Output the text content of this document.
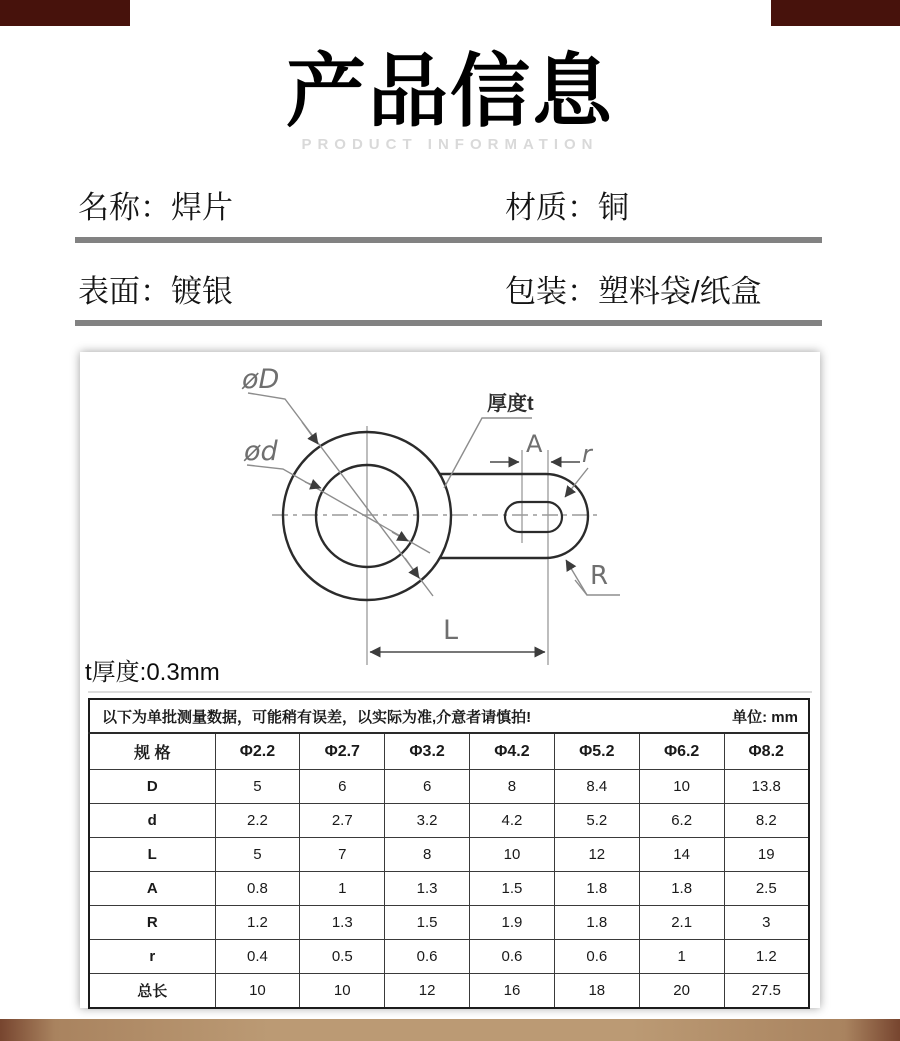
产品信息
PRODUCT INFORMATION
名称：焊片	材质：铜
表面：镀银	包装：塑料袋/纸盒
øD
ød
厚度t
A r
R
L
t厚度:0.3mm
以下为单批测量数据，可能稍有误差，以实际为准,介意者请慎拍! 单位: mm							

规 格	Φ2.2	Φ2.7	Φ3.2	Φ4.2	Φ5.2	Φ6.2	Φ8.2
D	5	6	6	8	8.4	10	13.8
d	2.2	2.7	3.2	4.2	5.2	6.2	8.2
L	5	7	8	10	12	14	19
A	0.8	1	1.3	1.5	1.8	1.8	2.5
R	1.2	1.3	1.5	1.9	1.8	2.1	3
r	0.4	0.5	0.6	0.6	0.6	1	1.2
总长	10	10	12	16	18	20	27.5
